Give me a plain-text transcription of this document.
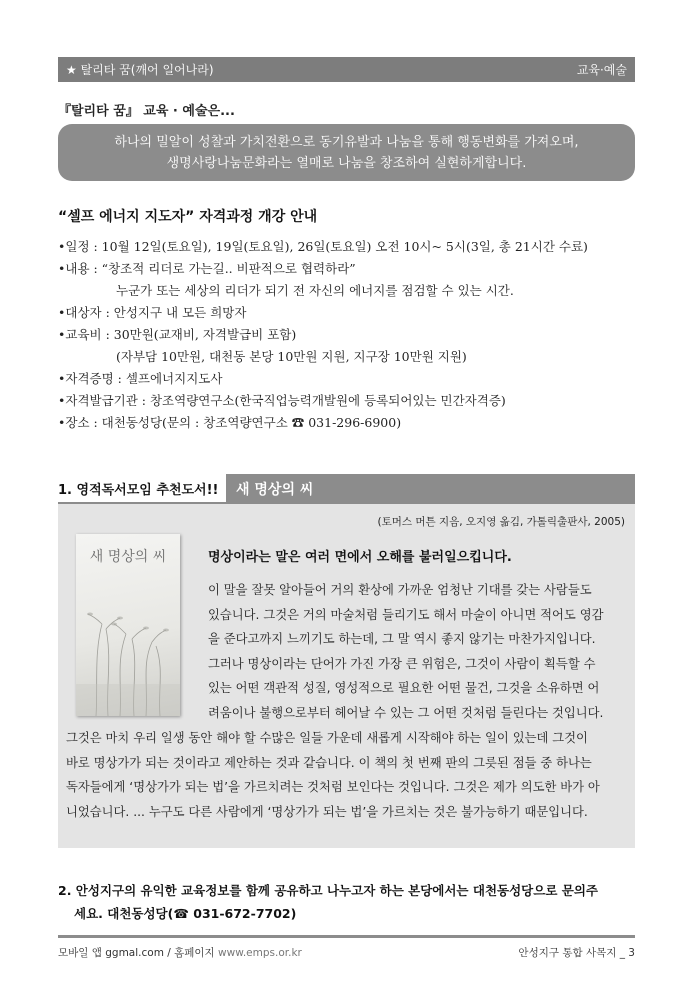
★ 탈리타 꿈(깨어 일어나라)	교육·예술
『탈리타 꿈』 교육 · 예술은...
하나의 밀알이 성찰과 가치전환으로 동기유발과 나눔을 통해 행동변화를 가져오며,
생명사랑나눔문화라는 열매로 나눔을 창조하여 실현하게합니다.
“셀프 에너지 지도자” 자격과정 개강 안내
•일정 : 10월 12일(토요일), 19일(토요일), 26일(토요일) 오전 10시~ 5시(3일, 총 21시간 수료)
•내용 : “창조적 리더로 가는길.. 비판적으로 협력하라”
누군가 또는 세상의 리더가 되기 전 자신의 에너지를 점검할 수 있는 시간.
•대상자 : 안성지구 내 모든 희망자
•교육비 : 30만원(교재비, 자격발급비 포함)
(자부담 10만원, 대천동 본당 10만원 지원, 지구장 10만원 지원)
•자격증명 : 셀프에너지지도사
•자격발급기관 : 창조역량연구소(한국직업능력개발원에 등록되어있는 민간자격증)
•장소 : 대천동성당(문의 : 창조역량연구소 ☎ 031-296-6900)
1. 영적독서모임 추천도서!!	새 명상의 씨
(토머스 머튼 지음, 오지영 옮김, 가톨릭출판사, 2005)
새 명상의 씨	명상이라는 말은 여러 면에서 오해를 불러일으킵니다.
이 말을 잘못 알아들어 거의 환상에 가까운 엄청난 기대를 갖는 사람들도
있습니다. 그것은 거의 마술처럼 들리기도 해서 마술이 아니면 적어도 영감
을 준다고까지 느끼기도 하는데, 그 말 역시 좋지 않기는 마찬가지입니다.
그러나 명상이라는 단어가 가진 가장 큰 위험은, 그것이 사람이 획득할 수
있는 어떤 객관적 성질, 영성적으로 필요한 어떤 물건, 그것을 소유하면 어
려움이나 불행으로부터 헤어날 수 있는 그 어떤 것처럼 들린다는 것입니다.
그것은 마치 우리 일생 동안 해야 할 수많은 일들 가운데 새롭게 시작해야 하는 일이 있는데 그것이
바로 명상가가 되는 것이라고 제안하는 것과 같습니다. 이 책의 첫 번째 판의 그릇된 점들 중 하나는
독자들에게 ‘명상가가 되는 법’을 가르치려는 것처럼 보인다는 것입니다. 그것은 제가 의도한 바가 아
니었습니다. ... 누구도 다른 사람에게 ‘명상가가 되는 법’을 가르치는 것은 불가능하기 때문입니다.
2. 안성지구의 유익한 교육정보를 함께 공유하고 나누고자 하는 본당에서는 대천동성당으로 문의주
세요. 대천동성당(☎ 031-672-7702)
모바일 앱 ggmal.com / 홈페이지 www.emps.or.kr	안성지구 통합 사목지 _ 3
